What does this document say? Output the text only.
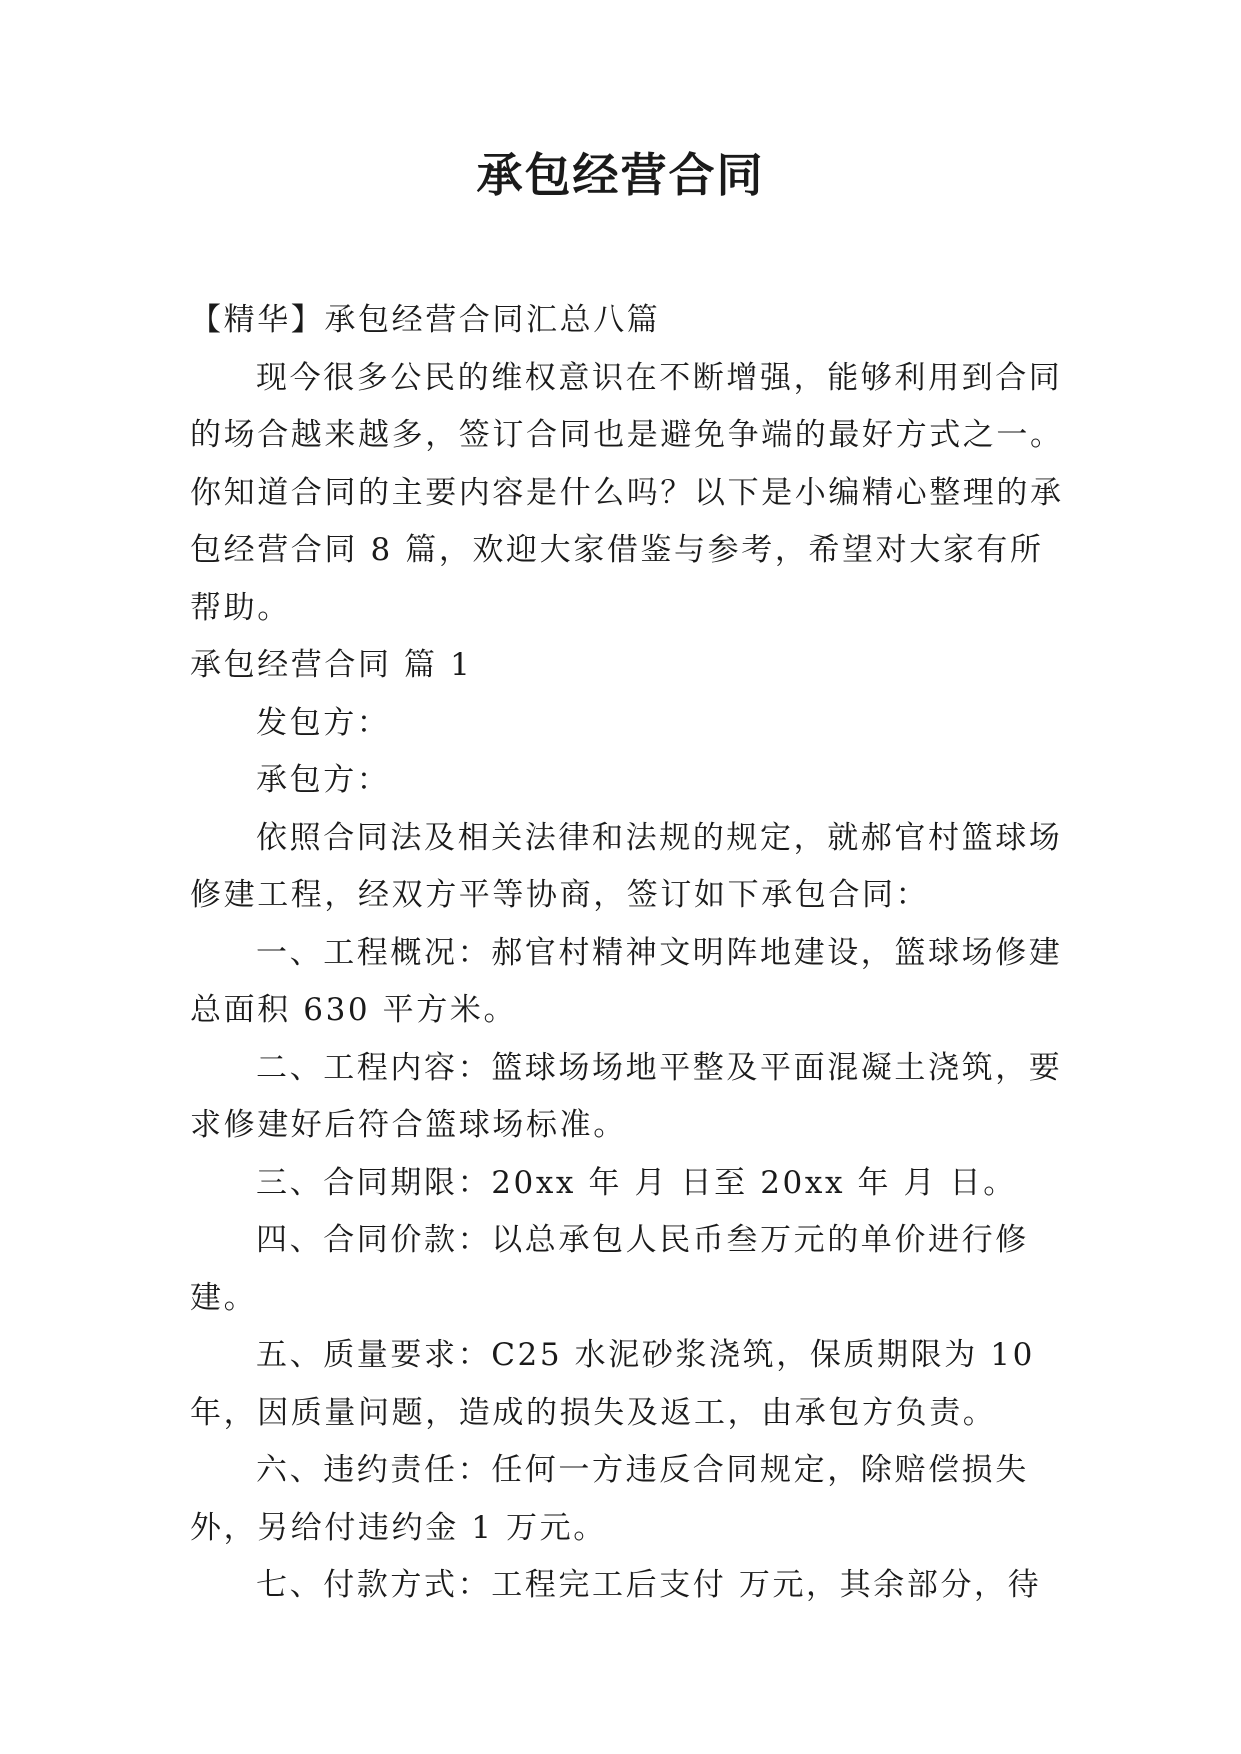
承包经营合同

【精华】承包经营合同汇总八篇

现今很多公民的维权意识在不断增强，能够利用到合同的场合越来越多，签订合同也是避免争端的最好方式之一。你知道合同的主要内容是什么吗？以下是小编精心整理的承包经营合同 8 篇，欢迎大家借鉴与参考，希望对大家有所帮助。

承包经营合同 篇 1

发包方：

承包方：

依照合同法及相关法律和法规的规定，就郝官村篮球场修建工程，经双方平等协商，签订如下承包合同：

一、工程概况：郝官村精神文明阵地建设，篮球场修建总面积 630 平方米。

二、工程内容：篮球场场地平整及平面混凝土浇筑，要求修建好后符合篮球场标准。

三、合同期限：20xx 年 月 日至 20xx 年 月 日。

四、合同价款：以总承包人民币叁万元的单价进行修建。

五、质量要求：C25 水泥砂浆浇筑，保质期限为 10 年，因质量问题，造成的损失及返工，由承包方负责。

六、违约责任：任何一方违反合同规定，除赔偿损失外，另给付违约金 1 万元。

七、付款方式：工程完工后支付 万元，其余部分，待
